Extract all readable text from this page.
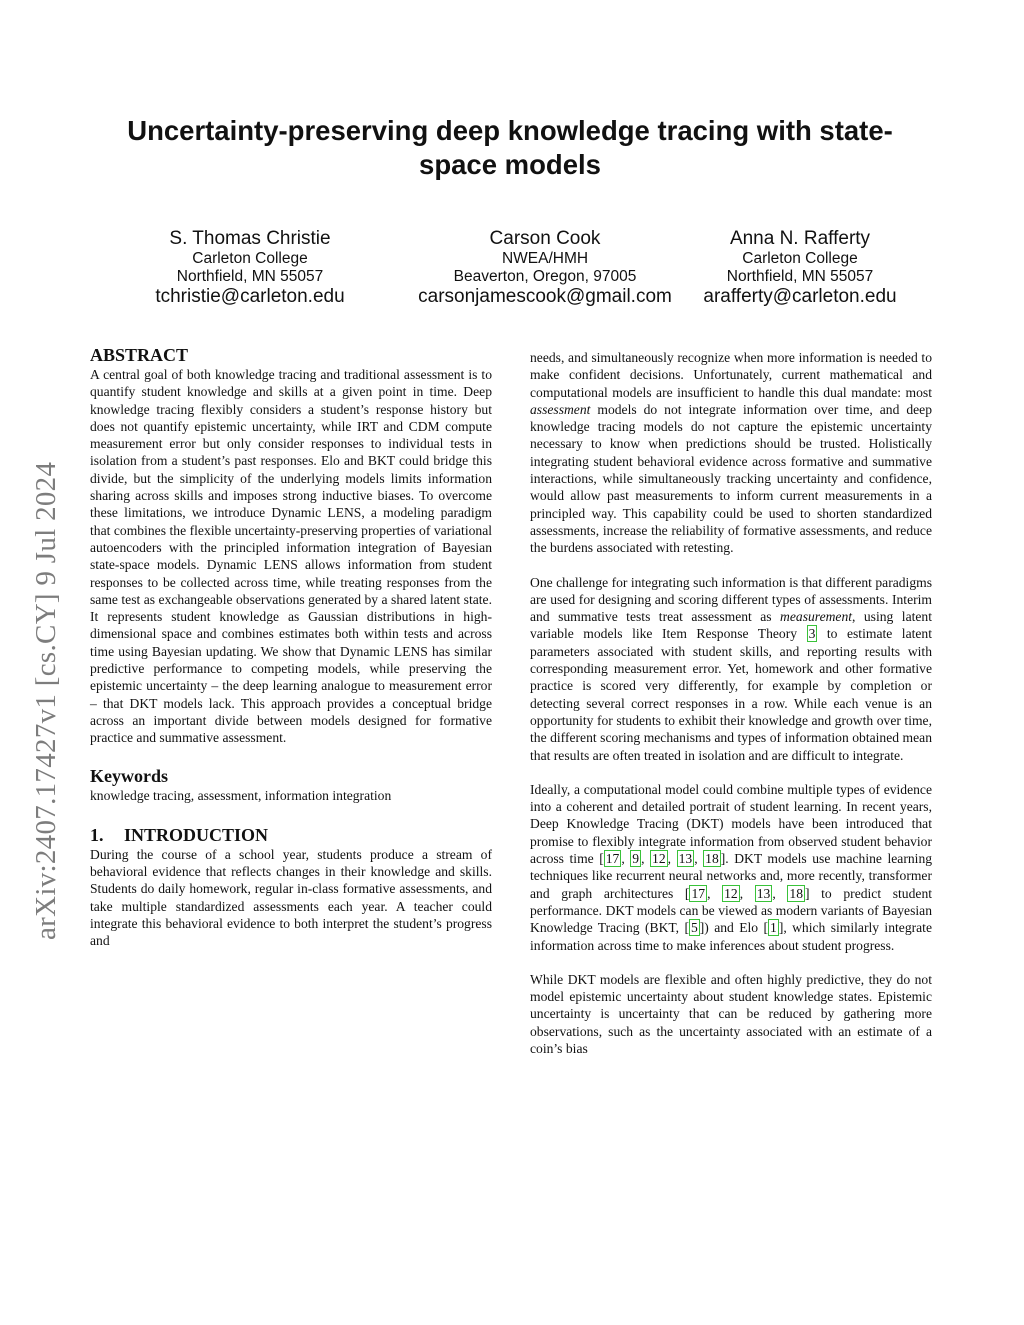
arXiv:2407.17427v1 [cs.CY] 9 Jul 2024
Uncertainty-preserving deep knowledge tracing with state-space models
S. Thomas Christie
Carleton College
Northfield, MN 55057
tchristie@carleton.edu
Carson Cook
NWEA/HMH
Beaverton, Oregon, 97005
carsonjamescook@gmail.com
Anna N. Rafferty
Carleton College
Northfield, MN 55057
arafferty@carleton.edu
ABSTRACT

A central goal of both knowledge tracing and traditional assessment is to quantify student knowledge and skills at a given point in time. Deep knowledge tracing flexibly considers a student’s response history but does not quantify epistemic uncertainty, while IRT and CDM compute measurement error but only consider responses to individual tests in isolation from a student’s past responses. Elo and BKT could bridge this divide, but the simplicity of the underlying models limits information sharing across skills and imposes strong inductive biases. To overcome these limitations, we introduce Dynamic LENS, a modeling paradigm that combines the flexible uncertainty-preserving properties of variational autoencoders with the principled information integration of Bayesian state-space models. Dynamic LENS allows information from student responses to be collected across time, while treating responses from the same test as exchangeable observations generated by a shared latent state. It represents student knowledge as Gaussian distributions in high-dimensional space and combines estimates both within tests and across time using Bayesian updating. We show that Dynamic LENS has similar predictive performance to competing models, while preserving the epistemic uncertainty – the deep learning analogue to measurement error – that DKT models lack. This approach provides a conceptual bridge across an important divide between models designed for formative practice and summative assessment.

Keywords

knowledge tracing, assessment, information integration

1. INTRODUCTION

During the course of a school year, students produce a stream of behavioral evidence that reflects changes in their knowledge and skills. Students do daily homework, regular in-class formative assessments, and take multiple standardized assessments each year. A teacher could integrate this behavioral evidence to both interpret the student’s progress and

needs, and simultaneously recognize when more information is needed to make confident decisions. Unfortunately, current mathematical and computational models are insufficient to handle this dual mandate: most assessment models do not integrate information over time, and deep knowledge tracing models do not capture the epistemic uncertainty necessary to know when predictions should be trusted. Holistically integrating student behavioral evidence across formative and summative interactions, while simultaneously tracking uncertainty and confidence, would allow past measurements to inform current measurements in a principled way. This capability could be used to shorten standardized assessments, increase the reliability of formative assessments, and reduce the burdens associated with retesting.

One challenge for integrating such information is that different paradigms are used for designing and scoring different types of assessments. Interim and summative tests treat assessment as measurement, using latent variable models like Item Response Theory 3 to estimate latent parameters associated with student skills, and reporting results with corresponding measurement error. Yet, homework and other formative practice is scored very differently, for example by completion or detecting several correct responses in a row. While each venue is an opportunity for students to exhibit their knowledge and growth over time, the different scoring mechanisms and types of information obtained mean that results are often treated in isolation and are difficult to integrate.

Ideally, a computational model could combine multiple types of evidence into a coherent and detailed portrait of student learning. In recent years, Deep Knowledge Tracing (DKT) models have been introduced that promise to flexibly integrate information from observed student behavior across time [ 17 , 9 , 12 , 13 , 18 ]. DKT models use machine learning techniques like recurrent neural networks and, more recently, transformer and graph architectures [ 17 , 12 , 13 , 18 ] to predict student performance. DKT models can be viewed as modern variants of Bayesian Knowledge Tracing (BKT, [ 5 ]) and Elo [ 1 ], which similarly integrate information across time to make inferences about student progress.

While DKT models are flexible and often highly predictive, they do not model epistemic uncertainty about student knowledge states. Epistemic uncertainty is uncertainty that can be reduced by gathering more observations, such as the uncertainty associated with an estimate of a coin’s bias
